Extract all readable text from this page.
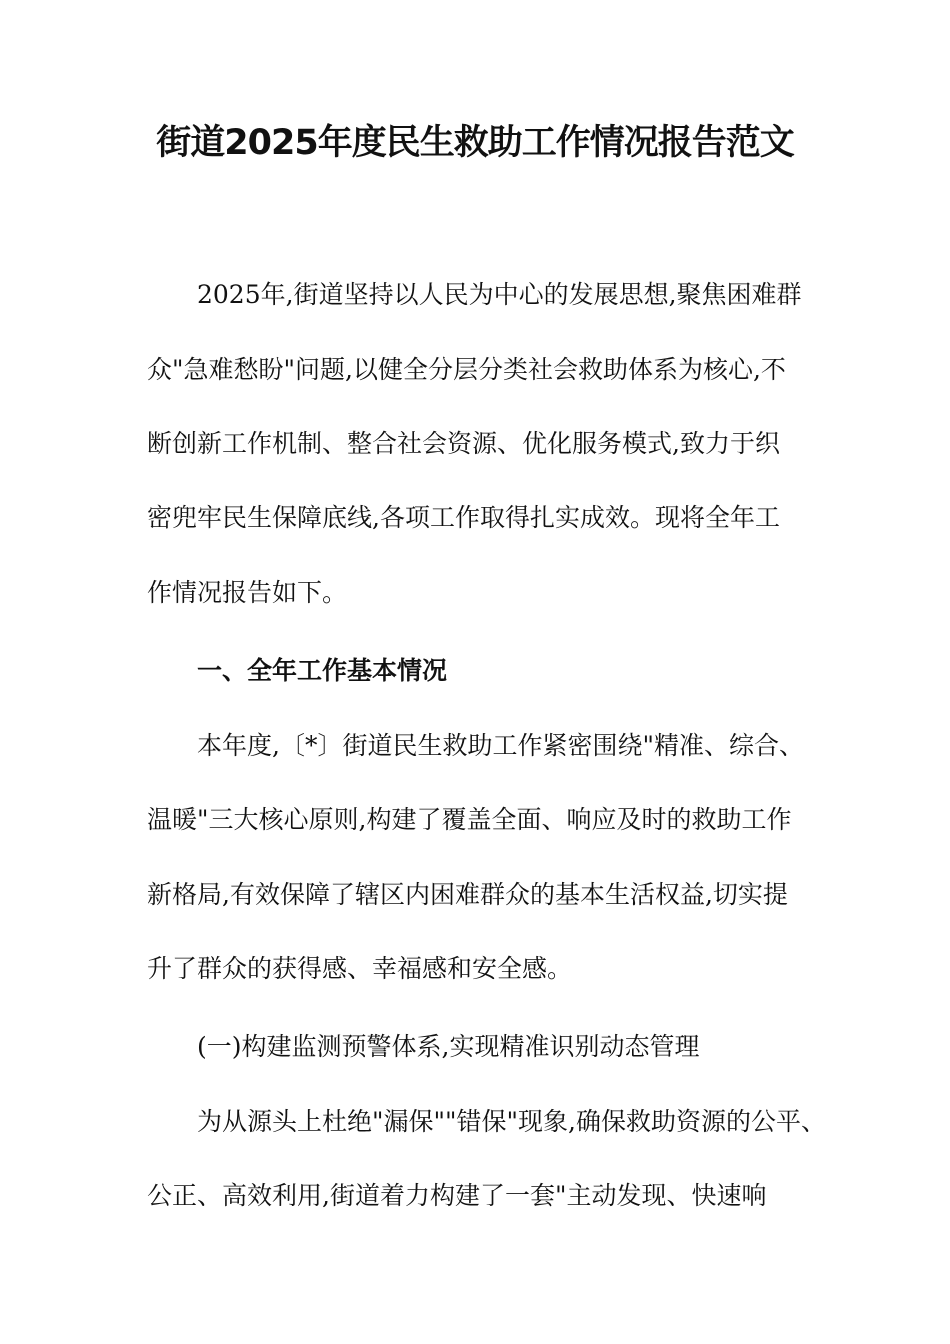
街道2025年度民生救助工作情况报告范文
2025年,街道坚持以人民为中心的发展思想,聚焦困难群
众"急难愁盼"问题,以健全分层分类社会救助体系为核心,不
断创新工作机制、整合社会资源、优化服务模式,致力于织
密兜牢民生保障底线,各项工作取得扎实成效。现将全年工
作情况报告如下。
一、全年工作基本情况
本年度,〔*〕街道民生救助工作紧密围绕"精准、综合、
温暖"三大核心原则,构建了覆盖全面、响应及时的救助工作
新格局,有效保障了辖区内困难群众的基本生活权益,切实提
升了群众的获得感、幸福感和安全感。
(一)构建监测预警体系,实现精准识别动态管理
为从源头上杜绝"漏保""错保"现象,确保救助资源的公平、
公正、高效利用,街道着力构建了一套"主动发现、快速响
